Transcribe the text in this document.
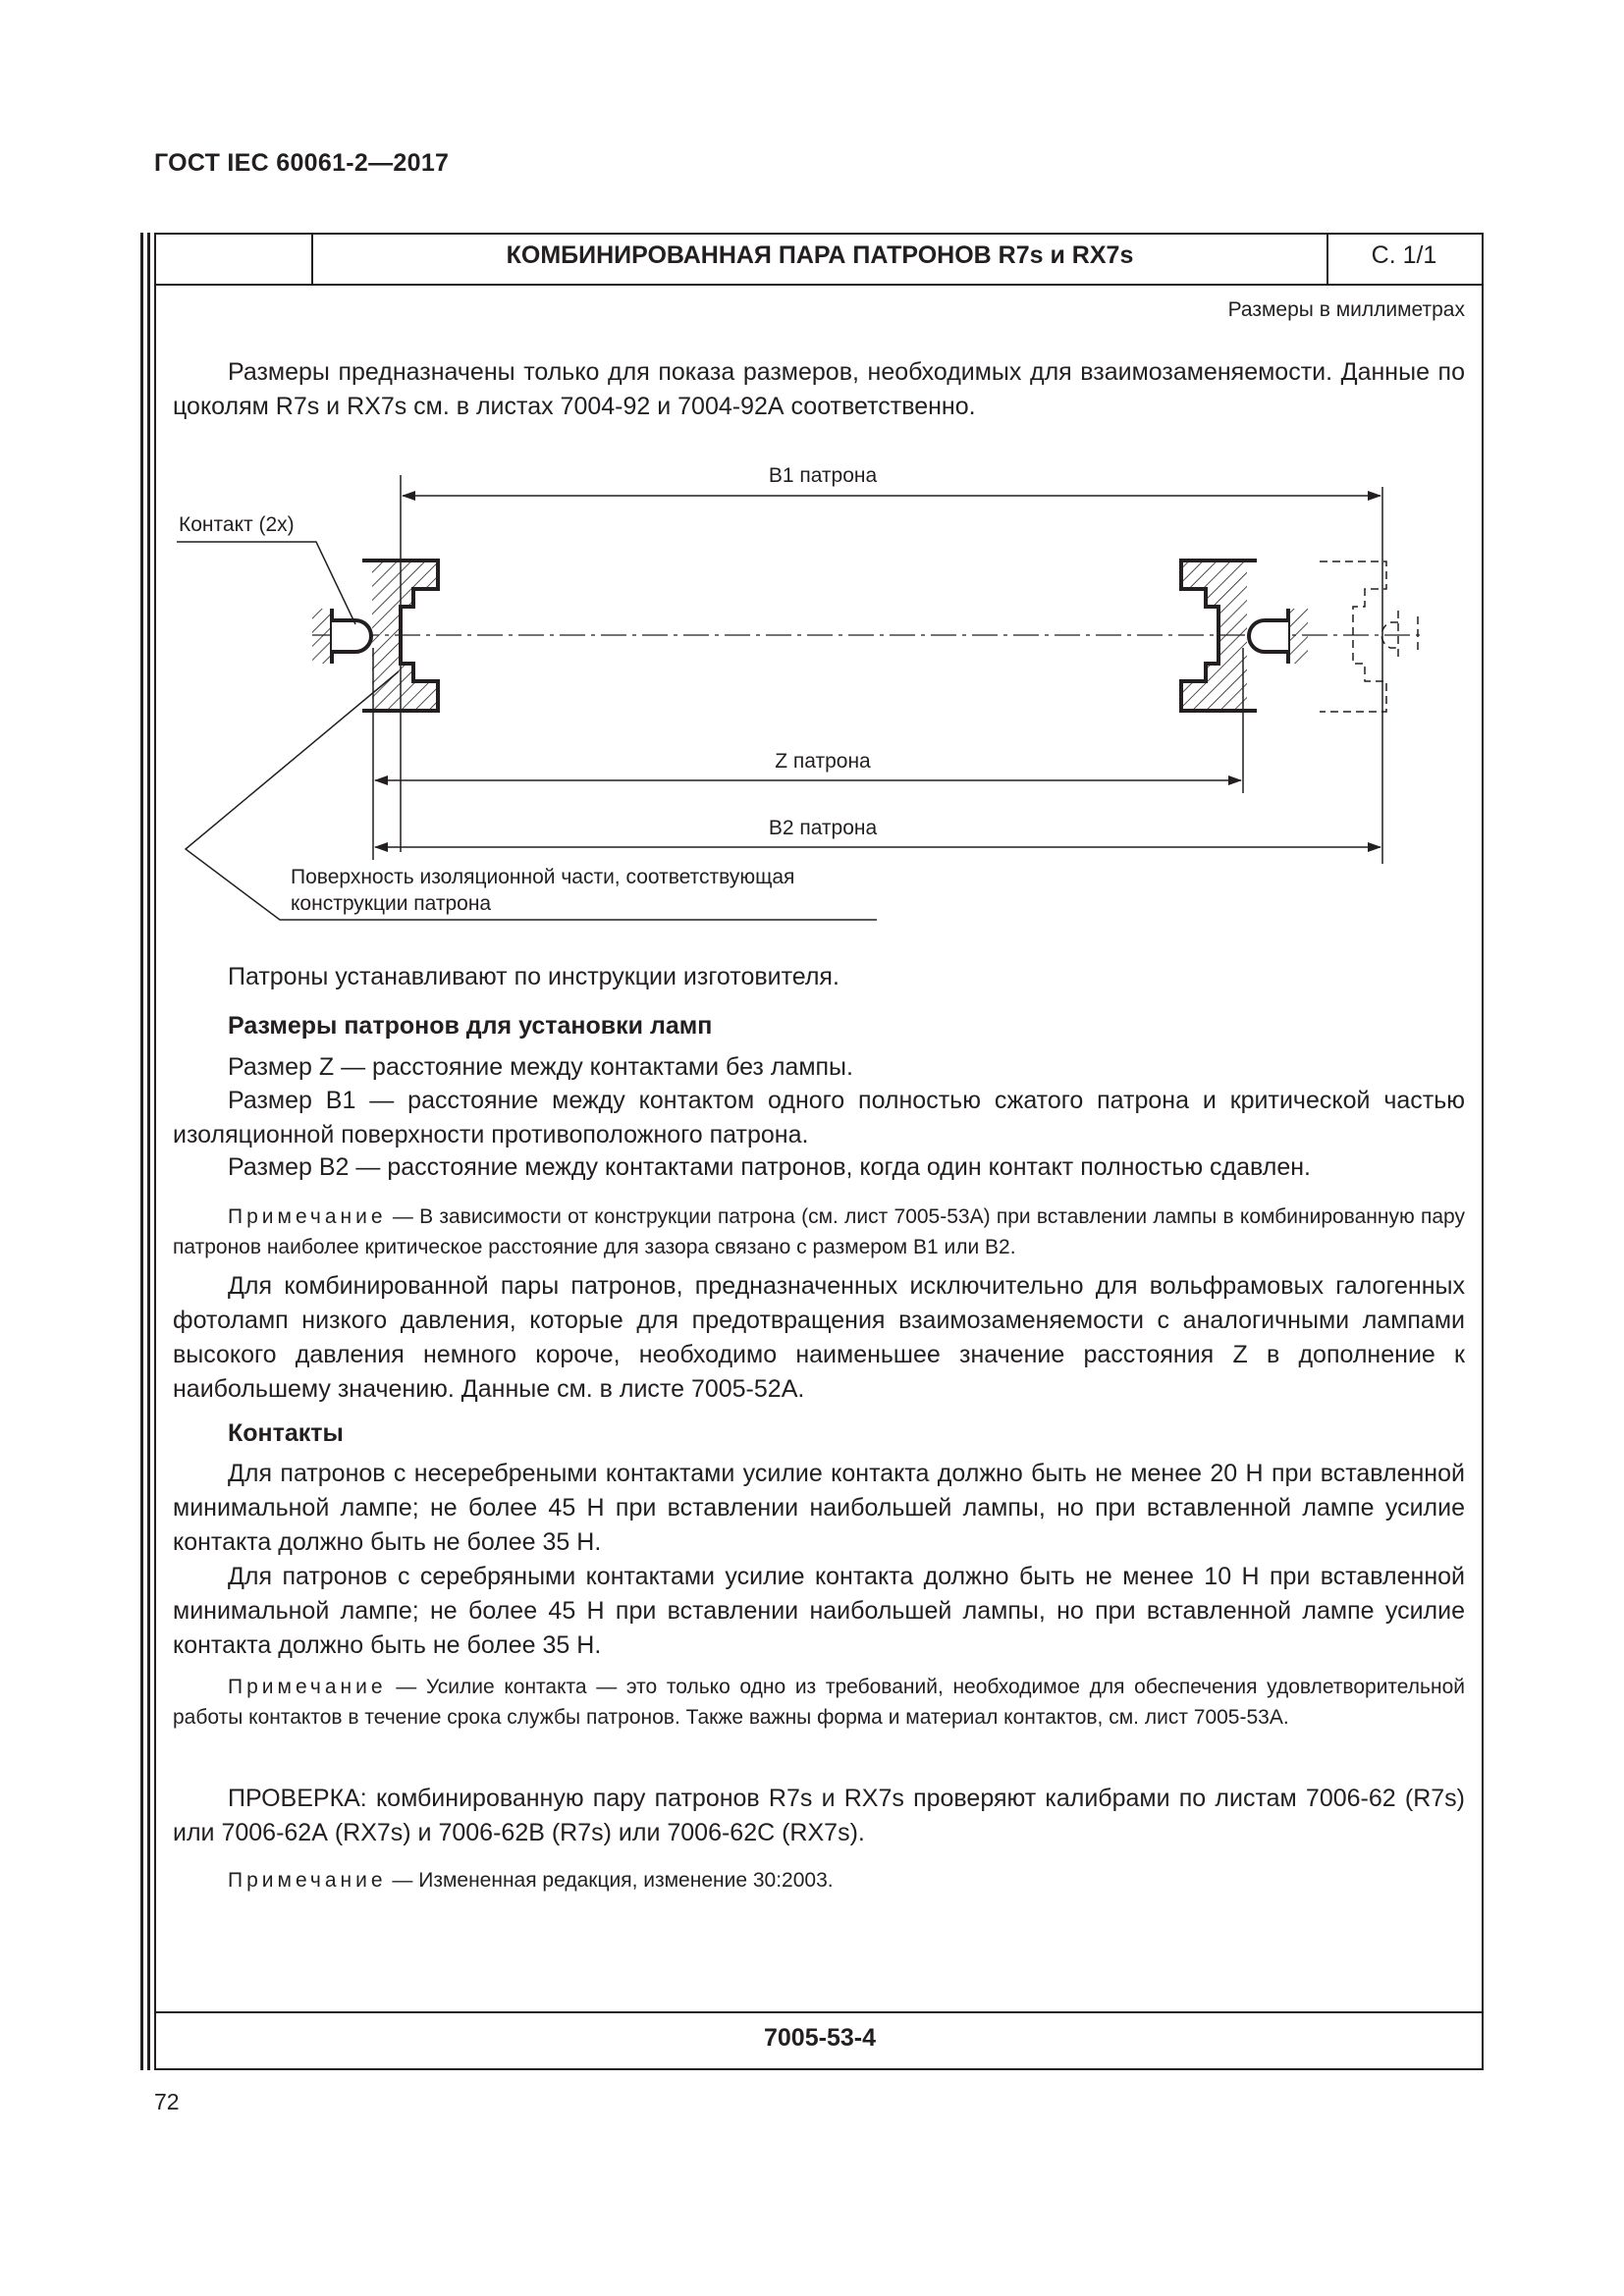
ГОСТ IEC 60061-2—2017
КОМБИНИРОВАННАЯ ПАРА ПАТРОНОВ R7s и RX7s	С. 1/1
Размеры в миллиметрах
Размеры предназначены только для показа размеров, необходимых для взаимозаменяемости. Данные по цоколям R7s и RX7s см. в листах 7004-92 и 7004-92А соответственно.
В1 патрона
Z патрона
В2 патрона
Контакт (2х)
Поверхность изоляционной части, соответствующая
конструкции патрона
Патроны устанавливают по инструкции изготовителя.
Размеры патронов для установки ламп
Размер Z — расстояние между контактами без лампы.
Размер В1 — расстояние между контактом одного полностью сжатого патрона и критической частью изоляционной поверхности противоположного патрона.
Размер В2 — расстояние между контактами патронов, когда один контакт полностью сдавлен.
Примечание — В зависимости от конструкции патрона (см. лист 7005-53А) при вставлении лампы в комбинированную пару патронов наиболее критическое расстояние для зазора связано с размером В1 или В2.
Для комбинированной пары патронов, предназначенных исключительно для вольфрамовых галогенных фотоламп низкого давления, которые для предотвращения взаимозаменяемости с аналогичными лампами высокого давления немного короче, необходимо наименьшее значение расстояния Z в дополнение к наибольшему значению. Данные см. в листе 7005-52А.
Контакты
Для патронов с несеребреными контактами усилие контакта должно быть не менее 20 Н при вставленной минимальной лампе; не более 45 Н при вставлении наибольшей лампы, но при вставленной лампе усилие контакта должно быть не более 35 Н.
Для патронов с серебряными контактами усилие контакта должно быть не менее 10 Н при вставленной минимальной лампе; не более 45 Н при вставлении наибольшей лампы, но при вставленной лампе усилие контакта должно быть не более 35 Н.
Примечание — Усилие контакта — это только одно из требований, необходимое для обеспечения удовлетворительной работы контактов в течение срока службы патронов. Также важны форма и материал контактов, см. лист 7005-53А.
ПРОВЕРКА: комбинированную пару патронов R7s и RX7s проверяют калибрами по листам 7006-62 (R7s) или 7006-62А (RX7s) и 7006-62В (R7s) или 7006-62С (RX7s).
Примечание — Измененная редакция, изменение 30:2003.
7005-53-4
72
